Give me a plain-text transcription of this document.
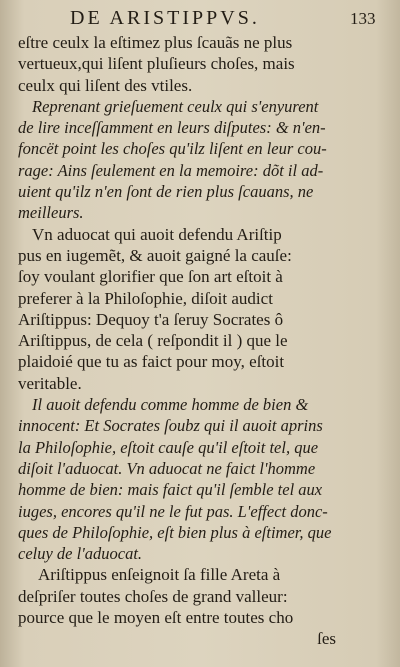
DE ARISTIPPVS.	133
eſtre ceulx la eſtimez plus ſcauãs ne plus
vertueux,qui liſent pluſieurs choſes, mais
ceulx qui liſent des vtiles.
Reprenant grieſuement ceulx qui s'enyurent
de lire inceſſamment en leurs diſputes: & n'en-
foncët point les choſes qu'ilz liſent en leur cou-
rage: Ains ſeulement en la memoire: dõt il ad-
uient qu'ilz n'en ſont de rien plus ſcauans, ne
meilleurs.
Vn aduocat qui auoit defendu Ariſtip
pus en iugemẽt, & auoit gaigné la cauſe:
ſoy voulant glorifier que ſon art eſtoit à
preferer à la Philoſophie, diſoit audict
Ariſtippus: Dequoy t'a ſeruy Socrates ô
Ariſtippus, de cela ( reſpondit il ) que le
plaidoié que tu as faict pour moy, eſtoit
veritable.
Il auoit defendu comme homme de bien &
innocent: Et Socrates ſoubz qui il auoit aprins
la Philoſophie, eſtoit cauſe qu'il eſtoit tel, que
diſoit l'aduocat. Vn aduocat ne faict l'homme
homme de bien: mais faict qu'il ſemble tel aux
iuges, encores qu'il ne le fut pas. L'effect donc-
ques de Philoſophie, eſt bien plus à eſtimer, que
celuy de l'aduocat.
Ariſtippus enſeignoit ſa fille Areta à
deſpriſer toutes choſes de grand valleur:
pource que le moyen eſt entre toutes cho
ſes
